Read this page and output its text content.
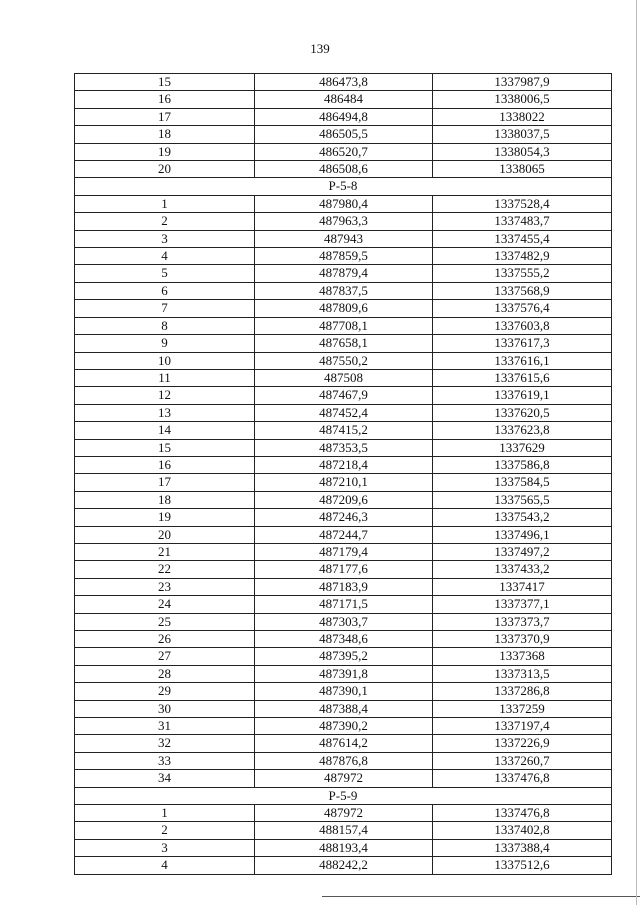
139
15	486473,8	1337987,9
16	486484	1338006,5
17	486494,8	1338022
18	486505,5	1338037,5
19	486520,7	1338054,3
20	486508,6	1338065
Р-5-8		
1	487980,4	1337528,4
2	487963,3	1337483,7
3	487943	1337455,4
4	487859,5	1337482,9
5	487879,4	1337555,2
6	487837,5	1337568,9
7	487809,6	1337576,4
8	487708,1	1337603,8
9	487658,1	1337617,3
10	487550,2	1337616,1
11	487508	1337615,6
12	487467,9	1337619,1
13	487452,4	1337620,5
14	487415,2	1337623,8
15	487353,5	1337629
16	487218,4	1337586,8
17	487210,1	1337584,5
18	487209,6	1337565,5
19	487246,3	1337543,2
20	487244,7	1337496,1
21	487179,4	1337497,2
22	487177,6	1337433,2
23	487183,9	1337417
24	487171,5	1337377,1
25	487303,7	1337373,7
26	487348,6	1337370,9
27	487395,2	1337368
28	487391,8	1337313,5
29	487390,1	1337286,8
30	487388,4	1337259
31	487390,2	1337197,4
32	487614,2	1337226,9
33	487876,8	1337260,7
34	487972	1337476,8
Р-5-9		
1	487972	1337476,8
2	488157,4	1337402,8
3	488193,4	1337388,4
4	488242,2	1337512,6
